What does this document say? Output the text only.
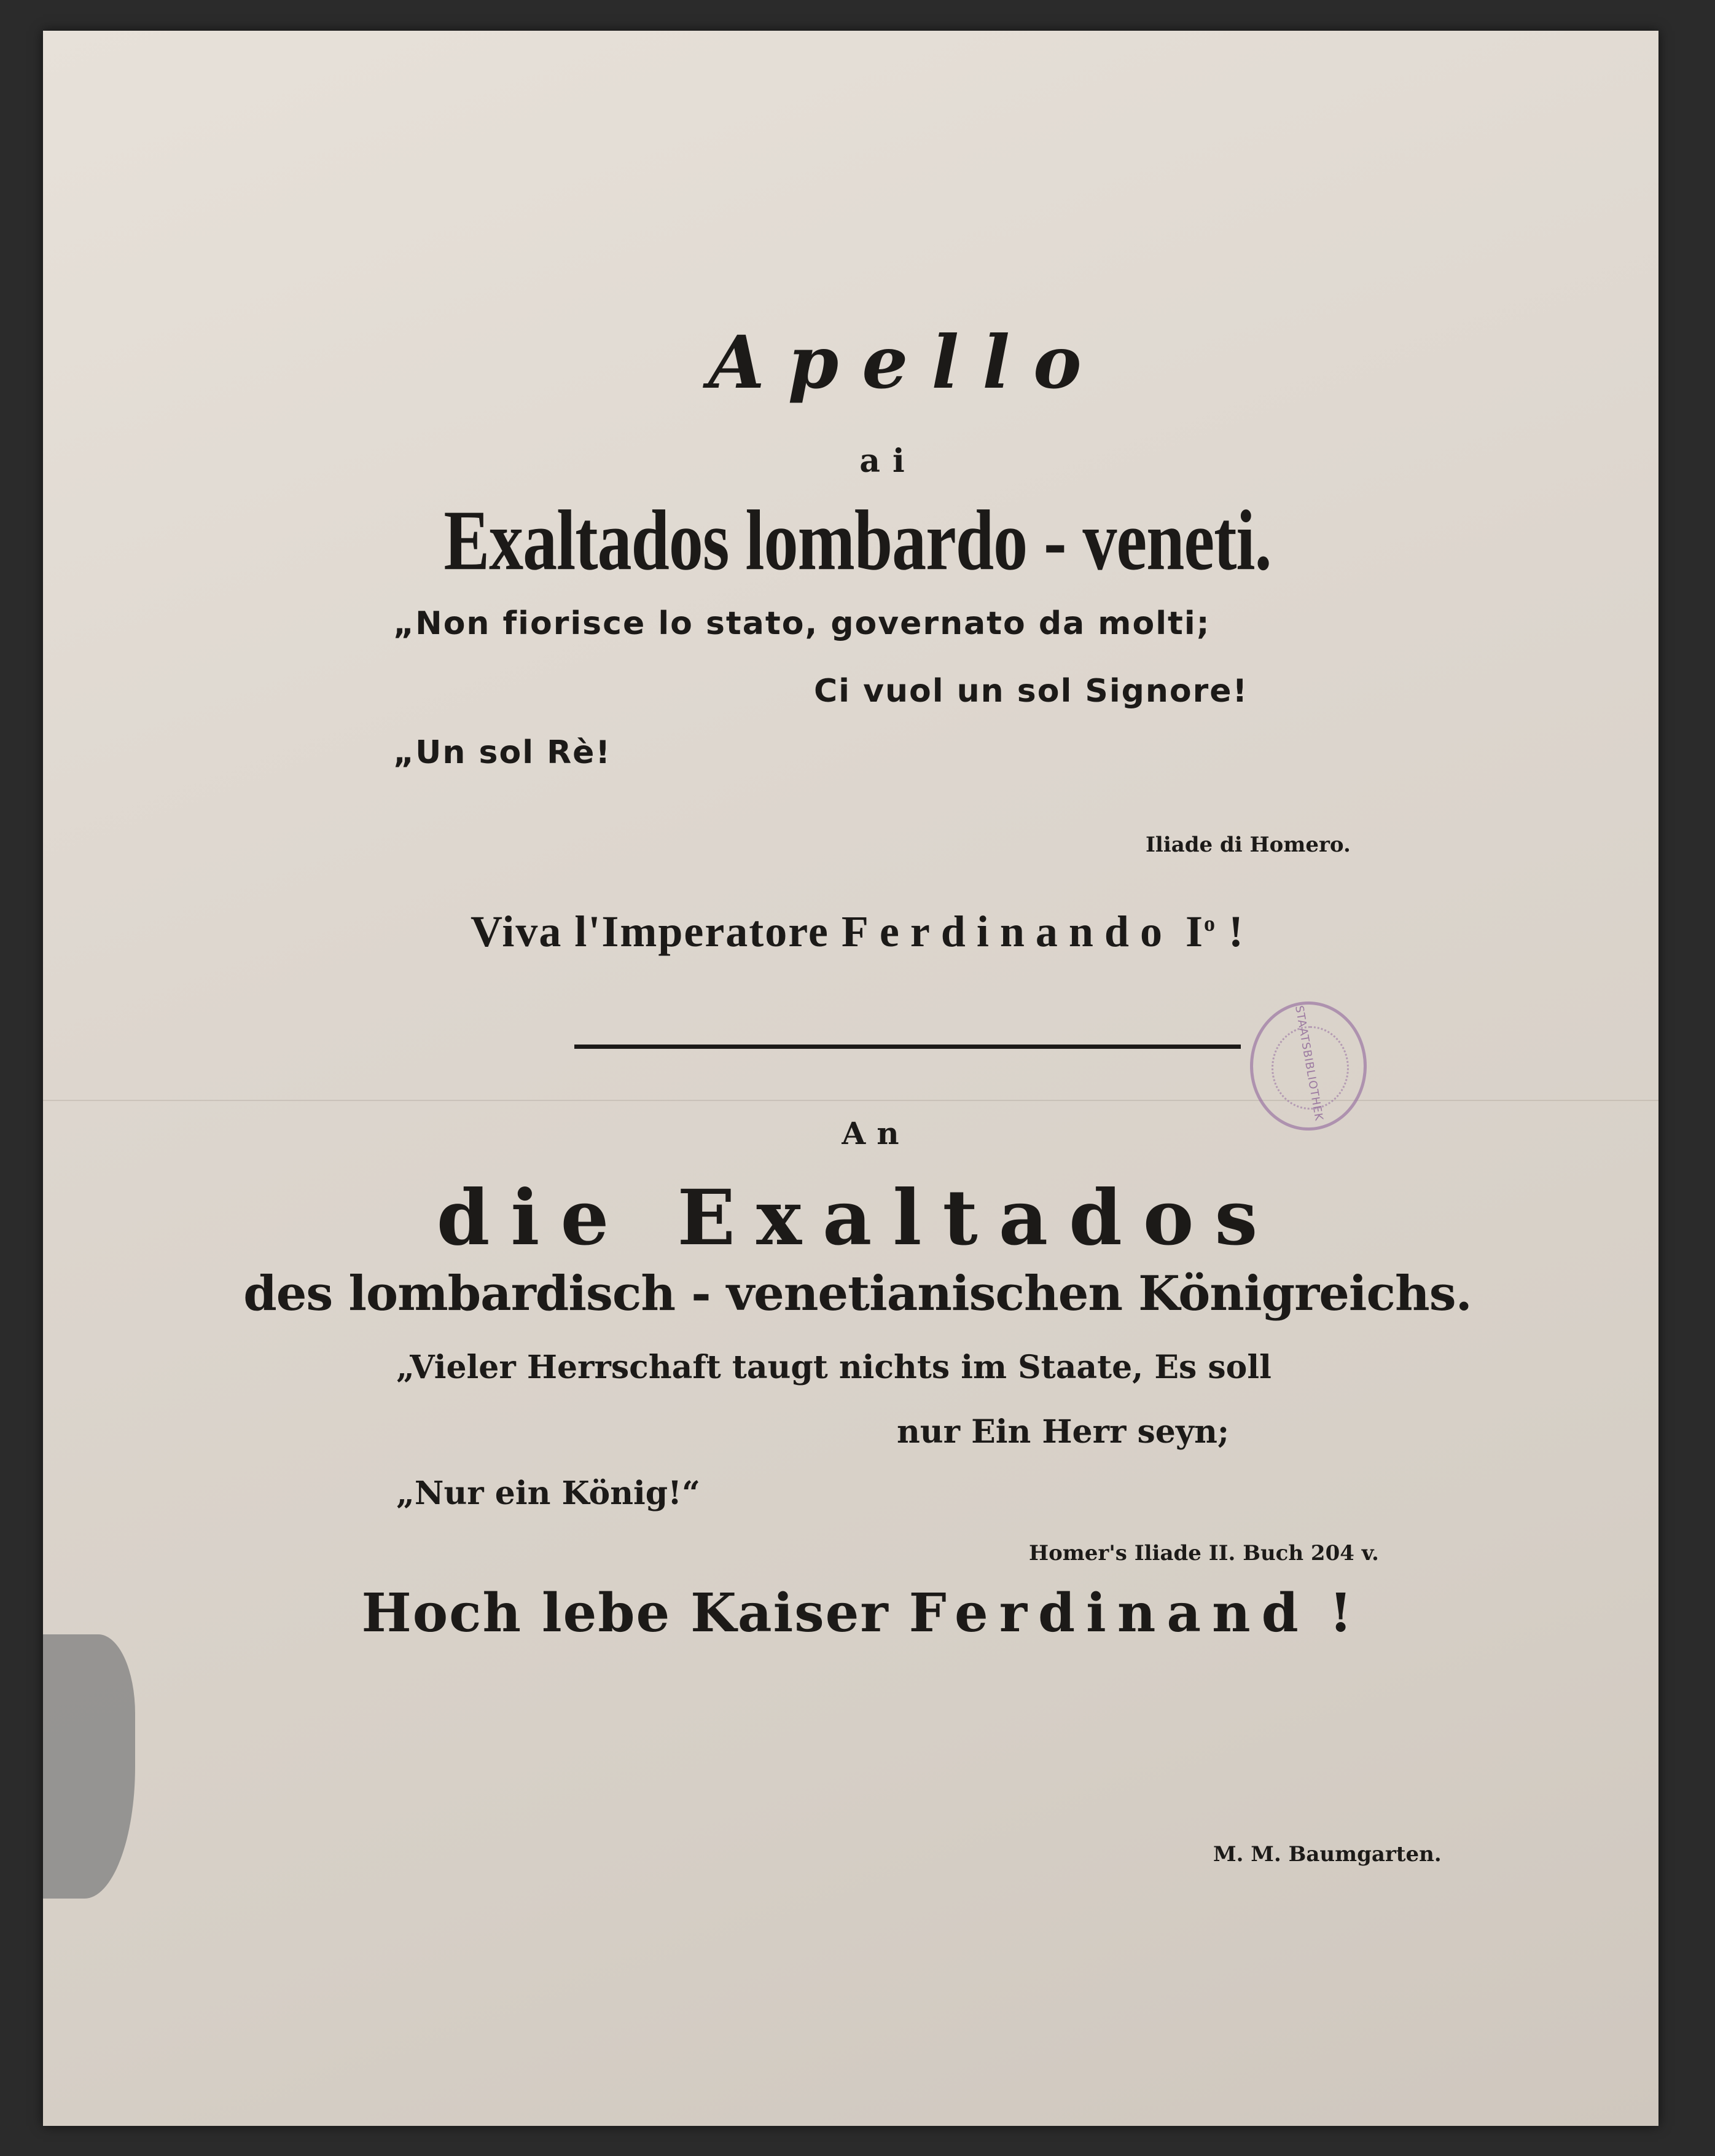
Apello
ai
Exaltados lombardo - veneti.
„Non fiorisce lo stato, governato da molti;
Ci vuol un sol Signore!
„Un sol Rè!
Iliade di Homero.
Viva l'Imperatore Ferdinando $I^o$ !
STAATSBIBLIOTHEK
An
die Exaltados
des lombardisch - venetianischen Königreichs.
„Vieler Herrschaft taugt nichts im Staate, Es soll
nur Ein Herr seyn;
„Nur ein König!“
Homer's Iliade II. Buch 204 v.
Hoch lebe Kaiser Ferdinand !
M. M. Baumgarten.
